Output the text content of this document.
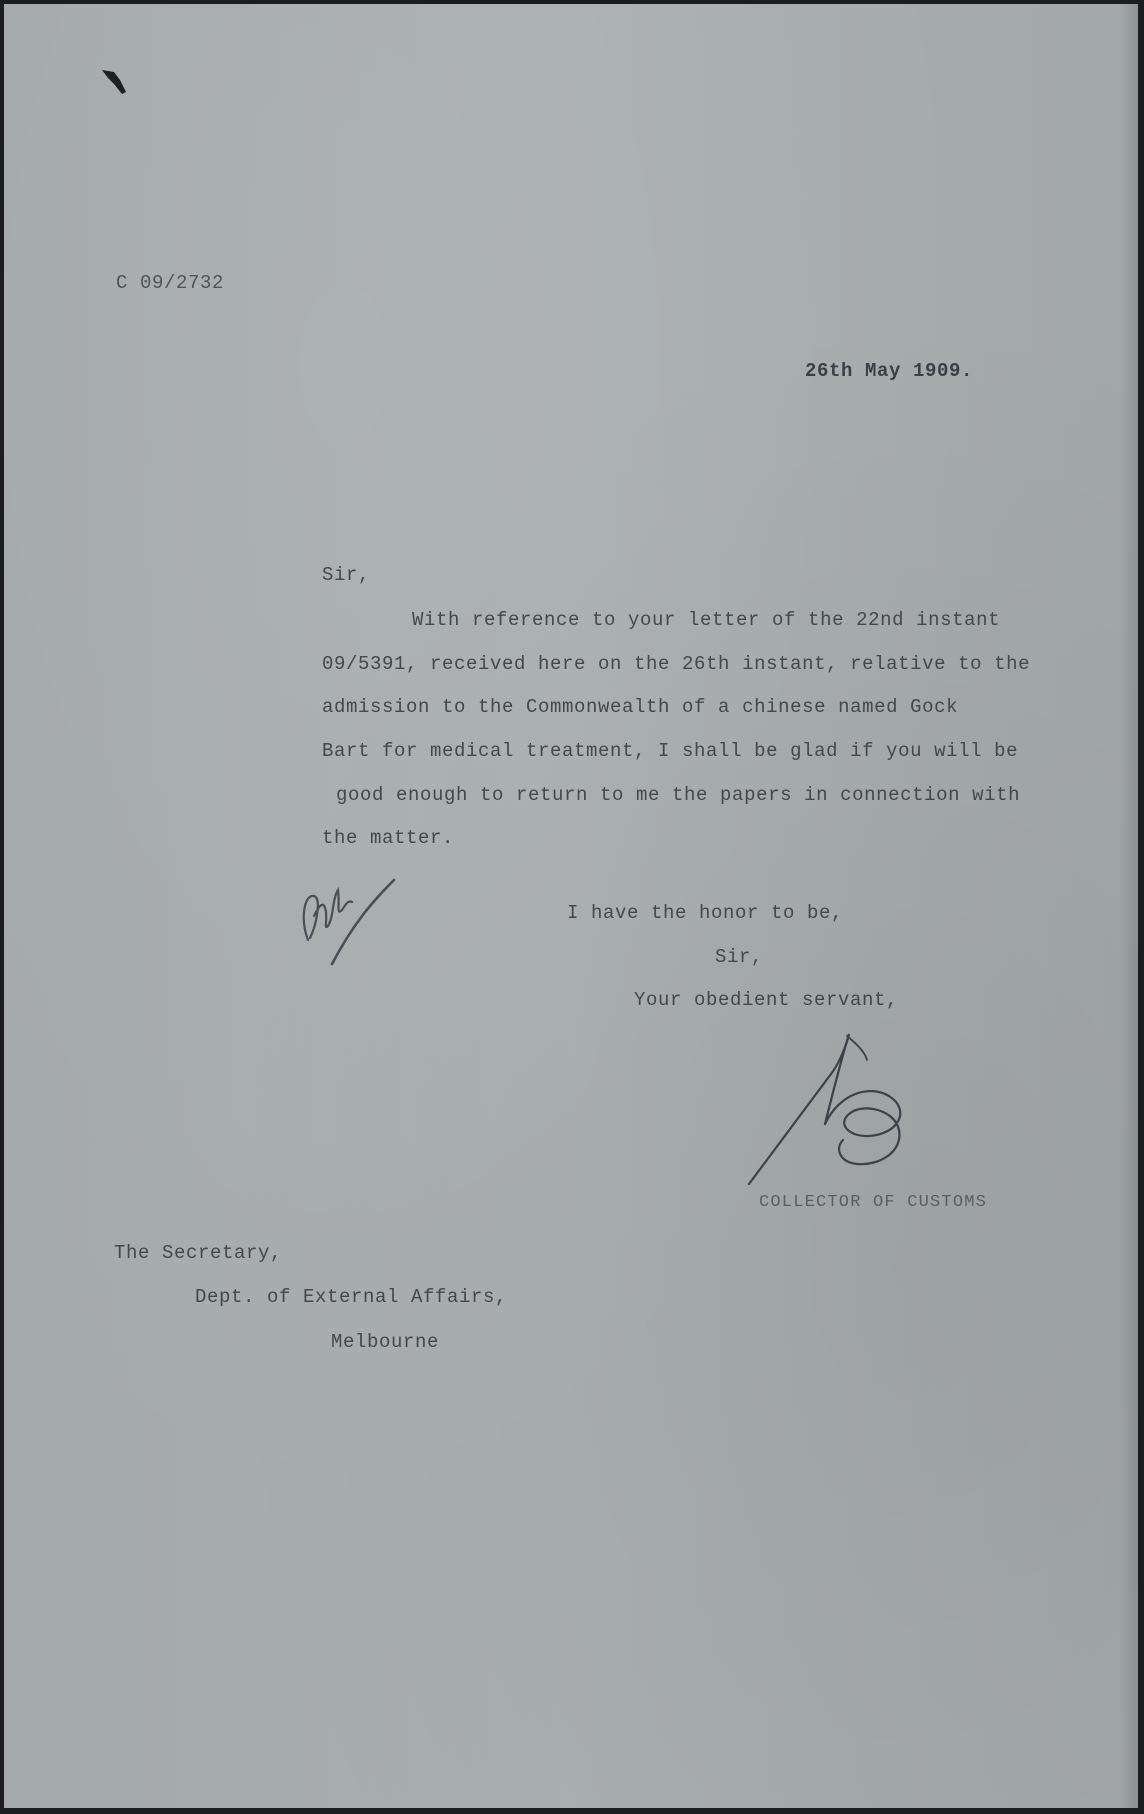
C 09/2732
26th May 1909.
Sir,
With reference to your letter of the 22nd instant
09/5391, received here on the 26th instant, relative to the
admission to the Commonwealth of a chinese named Gock
Bart for medical treatment, I shall be glad if you will be
good enough to return to me the papers in connection with
the matter.
I have the honor to be,
Sir,
Your obedient servant,
COLLECTOR OF CUSTOMS
The Secretary,
Dept. of External Affairs,
Melbourne
